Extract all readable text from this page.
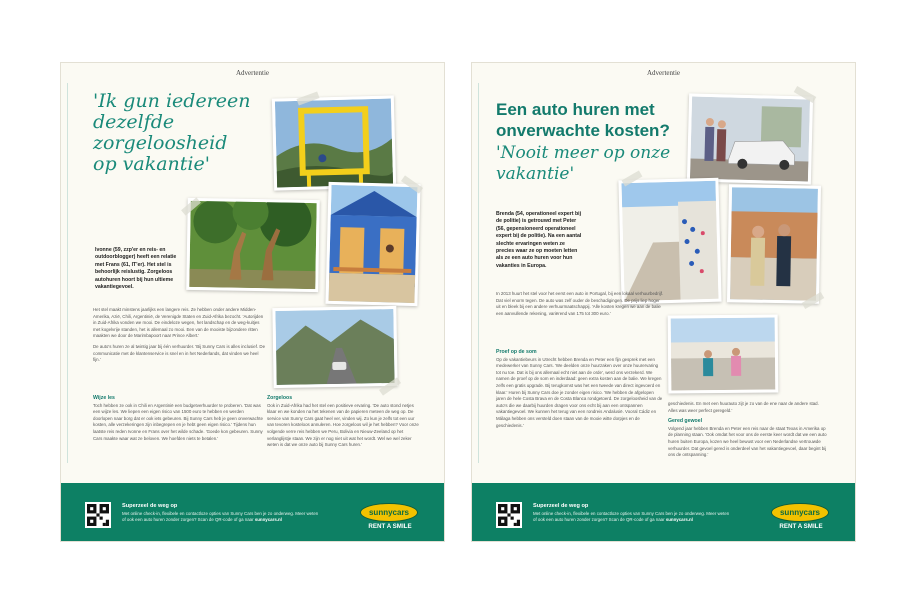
Advertentie
'Ik gun iedereen
dezelfde
zorgeloosheid
op vakantie'
Ivonne (59, zzp'er en reis- en outdoorblogger) heeft een relatie met Frans (61, IT'er). Het stel is behoorlijk reislustig. Zorgeloos autohuren hoort bij hun ultieme vakantiegevoel.
Het stel maakt minstens jaarlijks een langere reis. Ze hebben onder andere Midden-Amerika, Azië, Chili, Argentinië, de Verenigde Staten en Zuid-Afrika bezocht. 'Autorijden in Zuid-Afrika vonden we mooi. De eindeloze wegen, het landschap en de weg-kuitjes met kogelvrije standen, het is allemaal zo mooi. Een van de mooiste bijzondere ritten maakten we door de Marimbapoort naar Prince Albert.'
De auto's huren ze al twintig jaar bij één verhuurder. 'Bij Sunny Cars is alles inclusief. De communicatie met de klantenservice is snel en in het Nederlands, dat vinden we heel fijn.'
Wijze les
Toch hebben ze ook in Chili en Argentinië een budgetverhuurder te proberen. 'Dat was een wijze les. We liepen een eigen risico van 1500 euro te hebben en werden doorlopen naar borg dat er ook iets gebeuren. Bij Sunny Cars heb je geen onverwachte kosten, alle verzekeringen zijn inbegrepen en je hebt geen eigen risico.' Tijdens hun laatste reis reden Ivonne en Frans over het wilde schade. 'Goede kon gebeuren. Sunny Cars maakte waar wat ze beloven. We hoefden niets te betalen.'
Zorgeloos
Ook in Zuid-Afrika had het stel een positieve ervaring. 'De auto stond netjes klaar en we konden na het tekenen van de papieren meteen de weg op. De service van Sunny Cars gaat heel ver, vinden wij. Zo kun je zelfs tot een uur van tevoren kosteloos annuleren. Hoe zorgeloos wil je het hebben? Voor onze volgende verre reis hebben we Peru, Bolivia en Nieuw-Zeeland op het verlanglijstje staan. We zijn er nog niet uit wat het wordt. Wel we wel zeker weten is dat we onze auto bij Sunny Cars huren.'
Superzeel de weg op
Met online check-in, flexibele en contactloze opties van Sunny Cars ben je zo onderweg. Meer weten of ook een auto huren zonder zorgen? Scan de QR-code of ga naar sunnycars.nl
sunnycars
RENT A SMILE
Advertentie
Een auto huren met
onverwachte kosten?
'Nooit meer op onze
vakantie'
Brenda (54, operationeel expert bij de politie) is getrouwd met Peter (56, gepensioneerd operationeel expert bij de politie). Na een aantal slechte ervaringen weten ze precies waar ze op moeten letten als ze een auto huren voor hun vakanties in Europa.
In 2013 huurt het stel voor het eerst een auto in Portugal, bij een lokaal verhuurbedrijf. Dat viel enorm tegen. De auto was zelf ouder de beschadigingen. De prijs liep hoger uit en bleek bij een andere verhuurmaatschappij. 'Alle kosten kregen we aan de balie een aanvullende rekening, variërend van 175 tot 300 euro.'
Proef op de som
Op de vakantiebeurs in Utrecht hebben Brenda en Peter een fijn gesprek met een medewerker van Sunny Cars. 'We deelden onze huurzaken over onze huurervaring tot nu toe. Dat is bij ons allemaal echt niet aan de orde', werd ons verzekerd. We namen de proef op de som en inderdaad: geen extra kosten aan de balie. We kregen zelfs een gratis upgrade. Bij terugkomst was het een tweede van direct ingevoerd en klaar.' Huren bij Sunny Cars doe je zonder eigen risico. 'We hebben de afgelopen jaren de hele Costa Brava en de Costa Blanca rondgetoerd. De zorgeloosheid van de auto's die we daarbij huurden dragen voor ons echt bij aan een ontspannen vakantiegevoel. We kunnen het terug van een rondreis Andalusië. Vooral Cádiz en Málaga hebben ons versteld doen staan van de mooie witte dorpjes en de geschiedenis.'
geschiedenis. En met een huurauto zijt je zo van de ene naar de andere stad. Alles was weer perfect geregeld.'
Gered gewoel
Volgend jaar hebben Brenda en Peter een reis naar de staat Texas in Amerika op de planning staan. 'Ook omdat het voor ons de eerste keer wordt dat we een auto huren buiten Europa, kozen we heel bewust voor een Nederlandse vertrouwde verhuurder. Dat gevoel gered is onderdeel van het vakantiegevoel, daar begint bij ons de ontspanning.'
Superzeel de weg op
Met online check-in, flexibele en contactloze opties van Sunny Cars ben je zo onderweg. Meer weten of ook een auto huren zonder zorgen? Scan de QR-code of ga naar sunnycars.nl
sunnycars
RENT A SMILE
